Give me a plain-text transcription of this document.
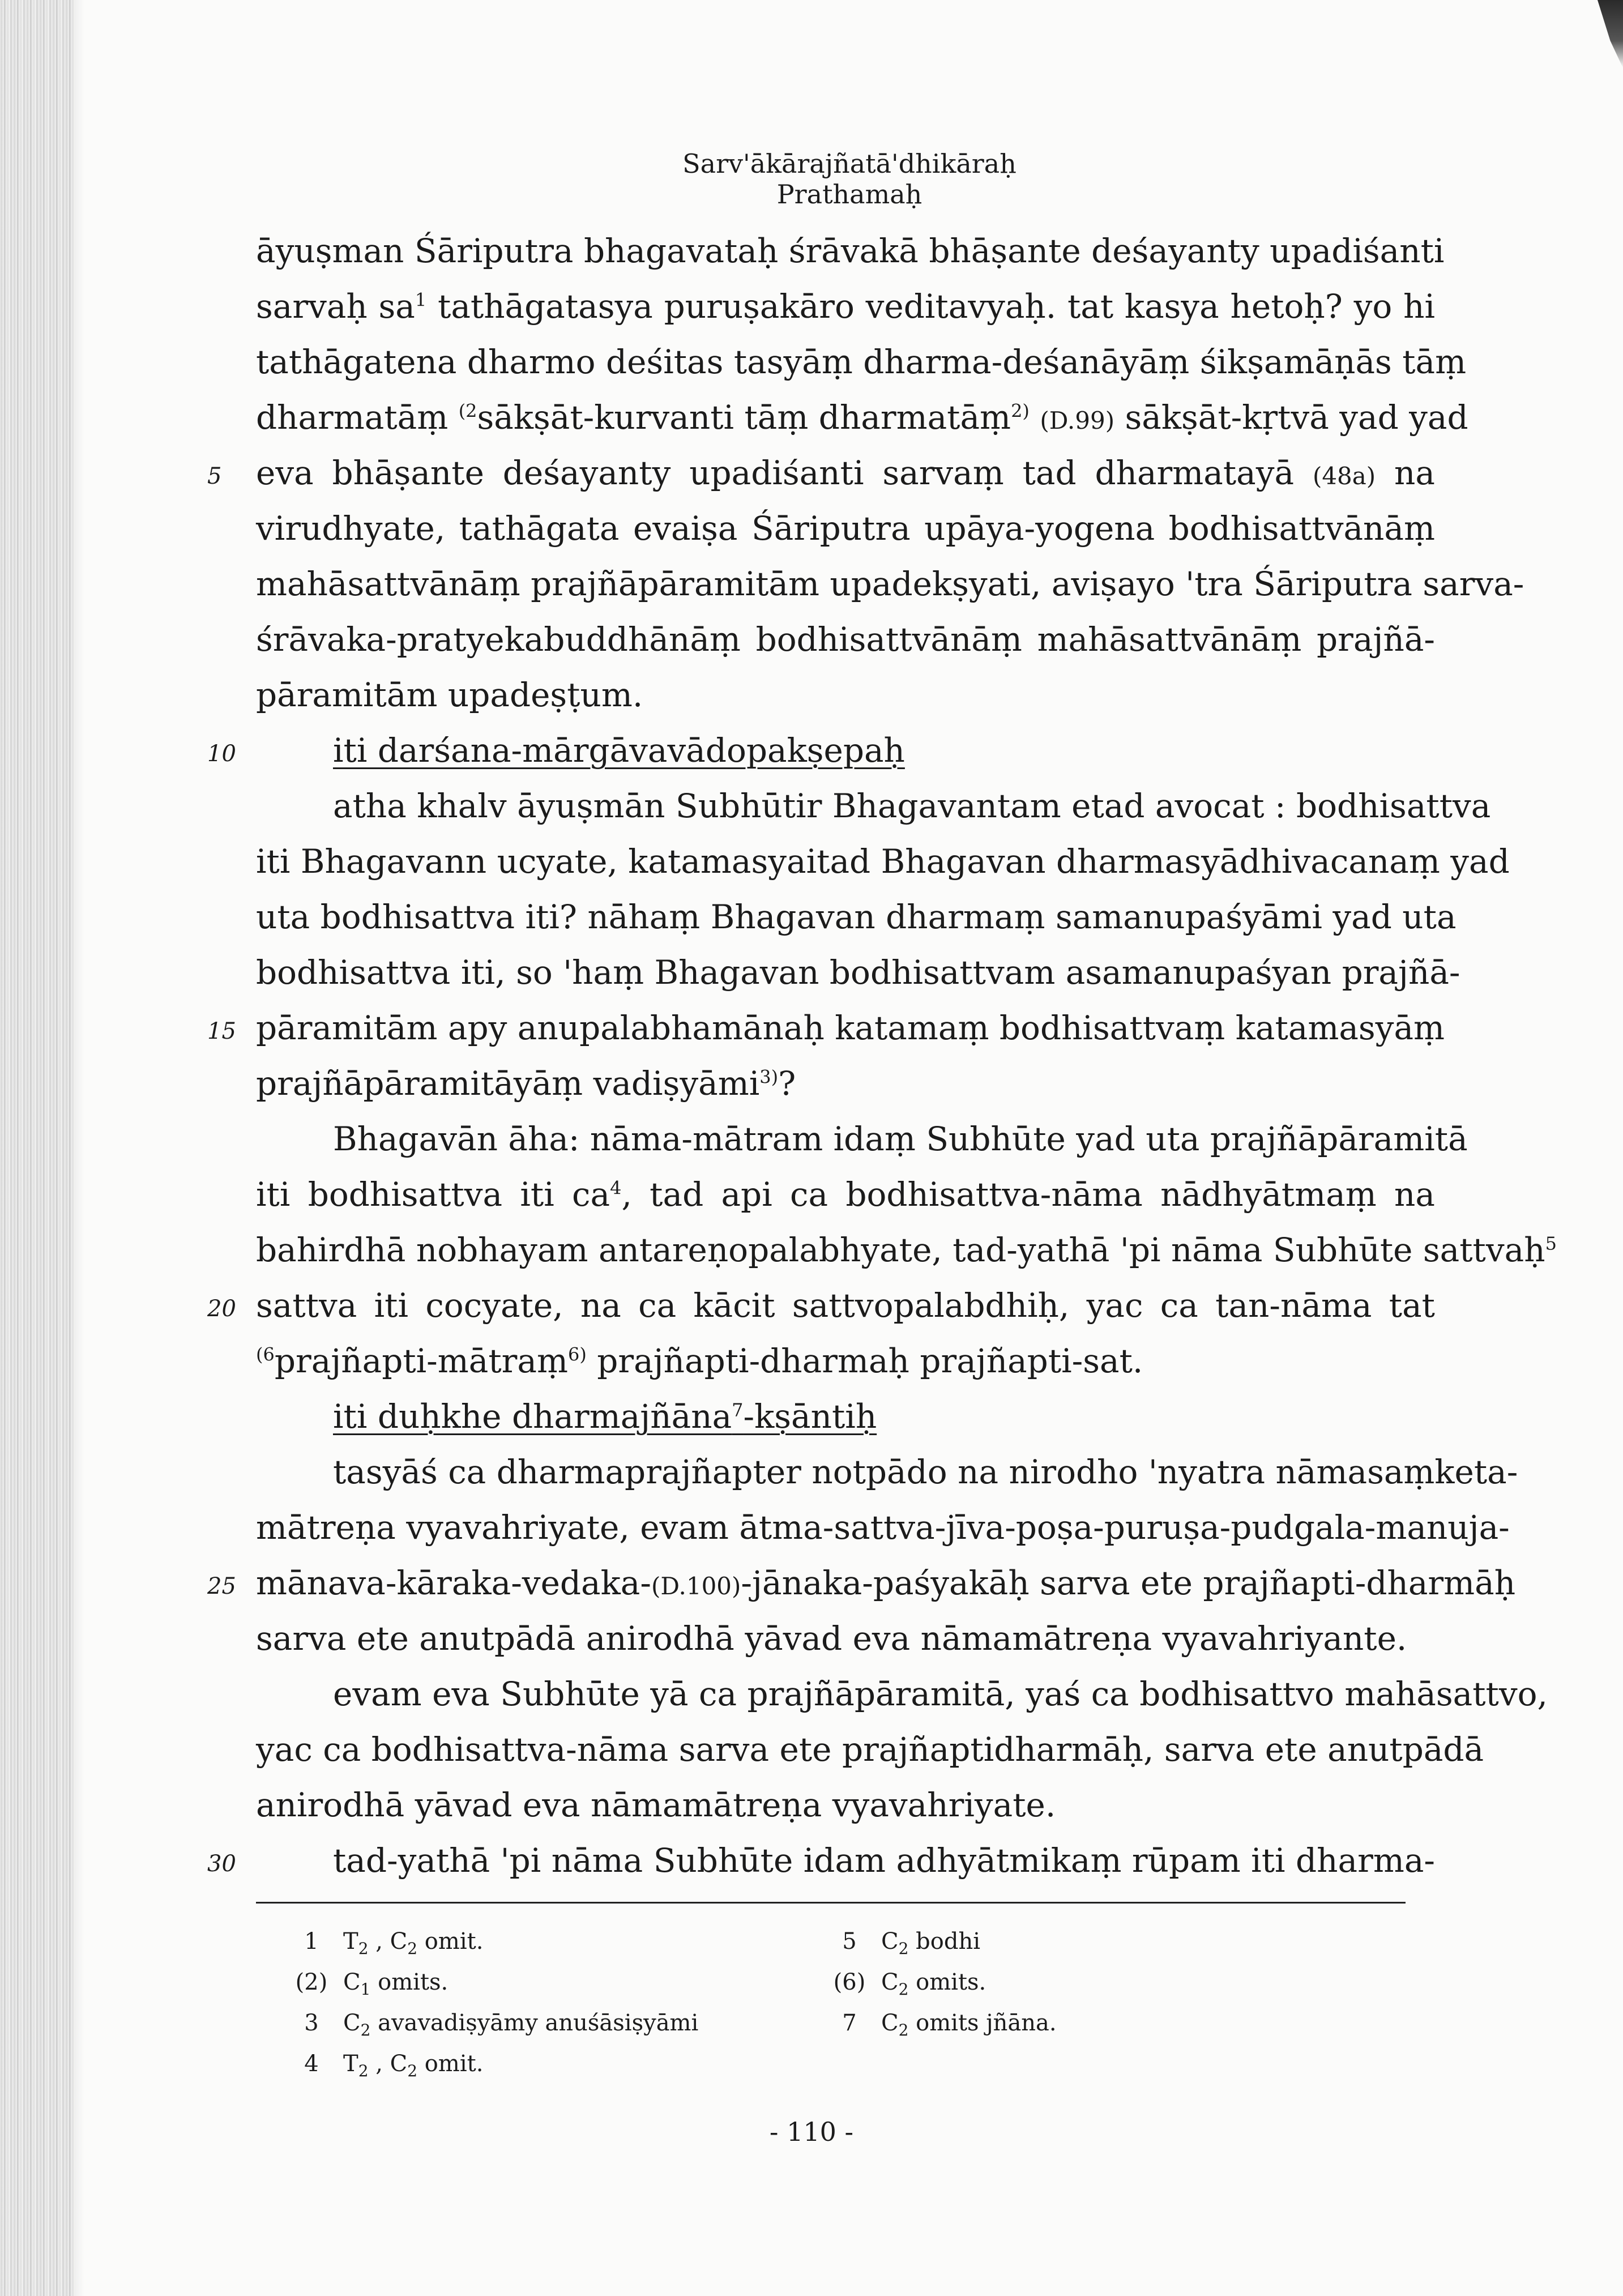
Sarv'ākārajñatā'dhikāraḥ Prathamaḥ
āyuṣman Śāriputra bhagavataḥ śrāvakā bhāṣante deśayanty upadiśanti
sarvaḥ $sa^1$ tathāgatasya puruṣakāro veditavyaḥ. tat kasya hetoḥ? yo hi
tathāgatena dharmo deśitas tasyāṃ dharma-deśanāyāṃ śikṣamāṇās tāṃ
dharmatāṃ $^{(2}$sākṣāt-kurvanti tāṃ dharmatāṃ$^{2)}$ (D.99) sākṣāt-kṛtvā yad yad
eva bhāṣante deśayanty upadiśanti sarvaṃ tad dharmatayā (48a) na
virudhyate, tathāgata evaiṣa Śāriputra upāya-yogena bodhisattvānāṃ
mahāsattvānāṃ prajñāpāramitām upadekṣyati, aviṣayo 'tra Śāriputra sarva-
śrāvaka-pratyekabuddhānāṃ bodhisattvānāṃ mahāsattvānāṃ prajñā-
pāramitām upadeṣṭum.
iti darśana-mārgāvavādopakṣepaḥ
atha khalv āyuṣmān Subhūtir Bhagavantam etad avocat : bodhisattva
iti Bhagavann ucyate, katamasyaitad Bhagavan dharmasyādhivacanaṃ yad
uta bodhisattva iti? nāhaṃ Bhagavan dharmaṃ samanupaśyāmi yad uta
bodhisattva iti, so 'haṃ Bhagavan bodhisattvam asamanupaśyan prajñā-
pāramitām apy anupalabhamānaḥ katamaṃ bodhisattvaṃ katamasyāṃ
prajñāpāramitāyāṃ vadiṣyāmi$^{3)}$?
Bhagavān āha: nāma-mātram idaṃ Subhūte yad uta prajñāpāramitā
iti bodhisattva iti $ca^4$, tad api ca bodhisattva-nāma nādhyātmaṃ na
bahirdhā nobhayam antareṇopalabhyate, tad-yathā 'pi nāma Subhūte sattvaḥ$^5$
sattva iti cocyate, na ca kācit sattvopalabdhiḥ, yac ca tan-nāma tat
$^{(6}$prajñapti-mātraṃ$^{6)}$ prajñapti-dharmaḥ prajñapti-sat.
iti duḥkhe dharmajñāna$^7$-kṣāntiḥ
tasyāś ca dharmaprajñapter notpādo na nirodho 'nyatra nāmasaṃketa-
mātreṇa vyavahriyate, evam ātma-sattva-jīva-poṣa-puruṣa-pudgala-manuja-
mānava-kāraka-vedaka-(D.100)-jānaka-paśyakāḥ sarva ete prajñapti-dharmāḥ
sarva ete anutpādā anirodhā yāvad eva nāmamātreṇa vyavahriyante.
evam eva Subhūte yā ca prajñāpāramitā, yaś ca bodhisattvo mahāsattvo,
yac ca bodhisattva-nāma sarva ete prajñaptidharmāḥ, sarva ete anutpādā
anirodhā yāvad eva nāmamātreṇa vyavahriyate.
tad-yathā 'pi nāma Subhūte idam adhyātmikaṃ rūpam iti dharma-
5
10
15
20
25
30
1 $T_2$ , $C_2$ omit.
(2) $C_1$ omits.
3 $C_2$ avavadiṣyāmy anuśāsiṣyāmi
4 $T_2$ , $C_2$ omit.
5 $C_2$ bodhi
(6) $C_2$ omits.
7 $C_2$ omits jñāna.
- 110 -
